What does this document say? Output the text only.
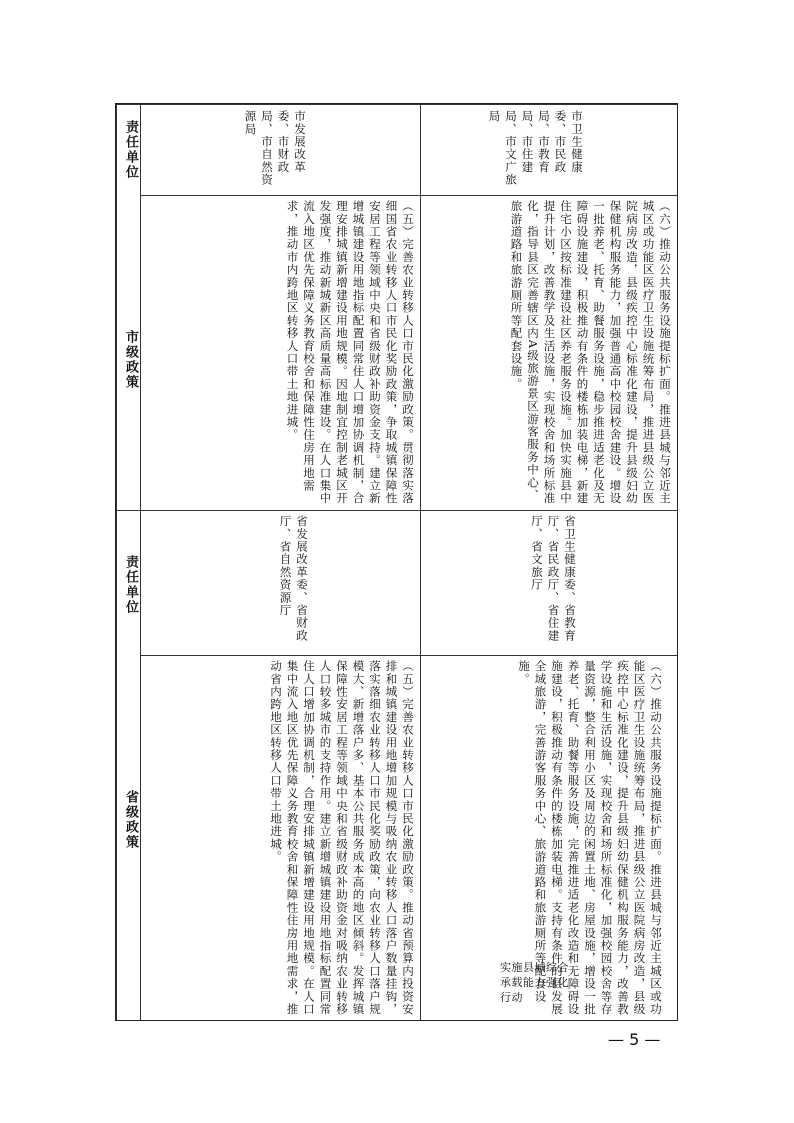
责任单位
市级政策
责任单位
省级政策
市发展改革委、市财政局、市自然资源局
（五）完善农业转移人口市民化激励政策。贯彻落实落细国省农业转移人口市民化奖励政策，争取城镇保障性安居工程等领域中央和省级财政补助资金支持。建立新增城镇建设用地指标配置同常住人口增加协调机制，合理安排城镇新增建设用地规模。因地制宜控制老城区开发强度，推动新城新区高质量高标准建设。在人口集中流入地区优先保障义务教育校舍和保障性住房用地需求，推动市内跨地区转移人口带土地进城。
省发展改革委、省财政厅、省自然资源厅
（五）完善农业转移人口市民化激励政策。推动省预算内投资安排和城镇建设用地增加规模与吸纳农业转移人口落户数量挂钩，落实落细农业转移人口市民化奖励政策，向农业转移人口落户规模大、新增落户多、基本公共服务成本高的地区倾斜。发挥城镇保障性安居工程等领域中央和省级财政补助资金对吸纳农业转移人口较多城市的支持作用。建立新增城镇建设用地指标配置同常住人口增加协调机制，合理安排城镇新增建设用地规模。在人口集中流入地区优先保障义务教育校舍和保障性住房用地需求，推动省内跨地区转移人口带土地进城。
市卫生健康委、市民政局、市教育局、市住建局、市文广旅局
（六）推动公共服务设施提标扩面。推进县城与邻近主城区或功能区医疗卫生设施统筹布局，推进县级公立医院病房改造，县级疾控中心标准化建设，提升县级妇幼保健机构服务能力，加强普通高中校园校舍建设。增设一批养老、托育、助餐服务设施，稳步推进适老化及无障碍设施建设，积极推动有条件的楼栋加装电梯，新建住宅小区按标准建设社区养老服务设施。加快实施县中提升计划，改善教学及生活设施，实现校舍和场所标准化，指导县区完善辖区内A级旅游景区游客服务中心、旅游道路和旅游厕所等配套设施。
省卫生健康委、省教育厅、省民政厅、省住建厅、省文旅厅
（六）推动公共服务设施提标扩面。推进县城与邻近主城区或功能区医疗卫生设施统筹布局，推进县级公立医院病房改造，县级疾控中心标准化建设，提升县级妇幼保健机构服务能力，改善教学设施和生活设施，实现校舍和场所标准化，加强校园校舍等存量资源，整合利用小区及周边的闲置土地、房屋设施，增设一批养老、托育、助餐等服务设施，完善推进适老化改造和无障碍设施建设，积极推动有条件的楼栋加装电梯。支持有条件的县发展全域旅游，完善游客服务中心、旅游道路和旅游厕所等配套设施。
实施县城综合承载能力强化行动
— 5 —
